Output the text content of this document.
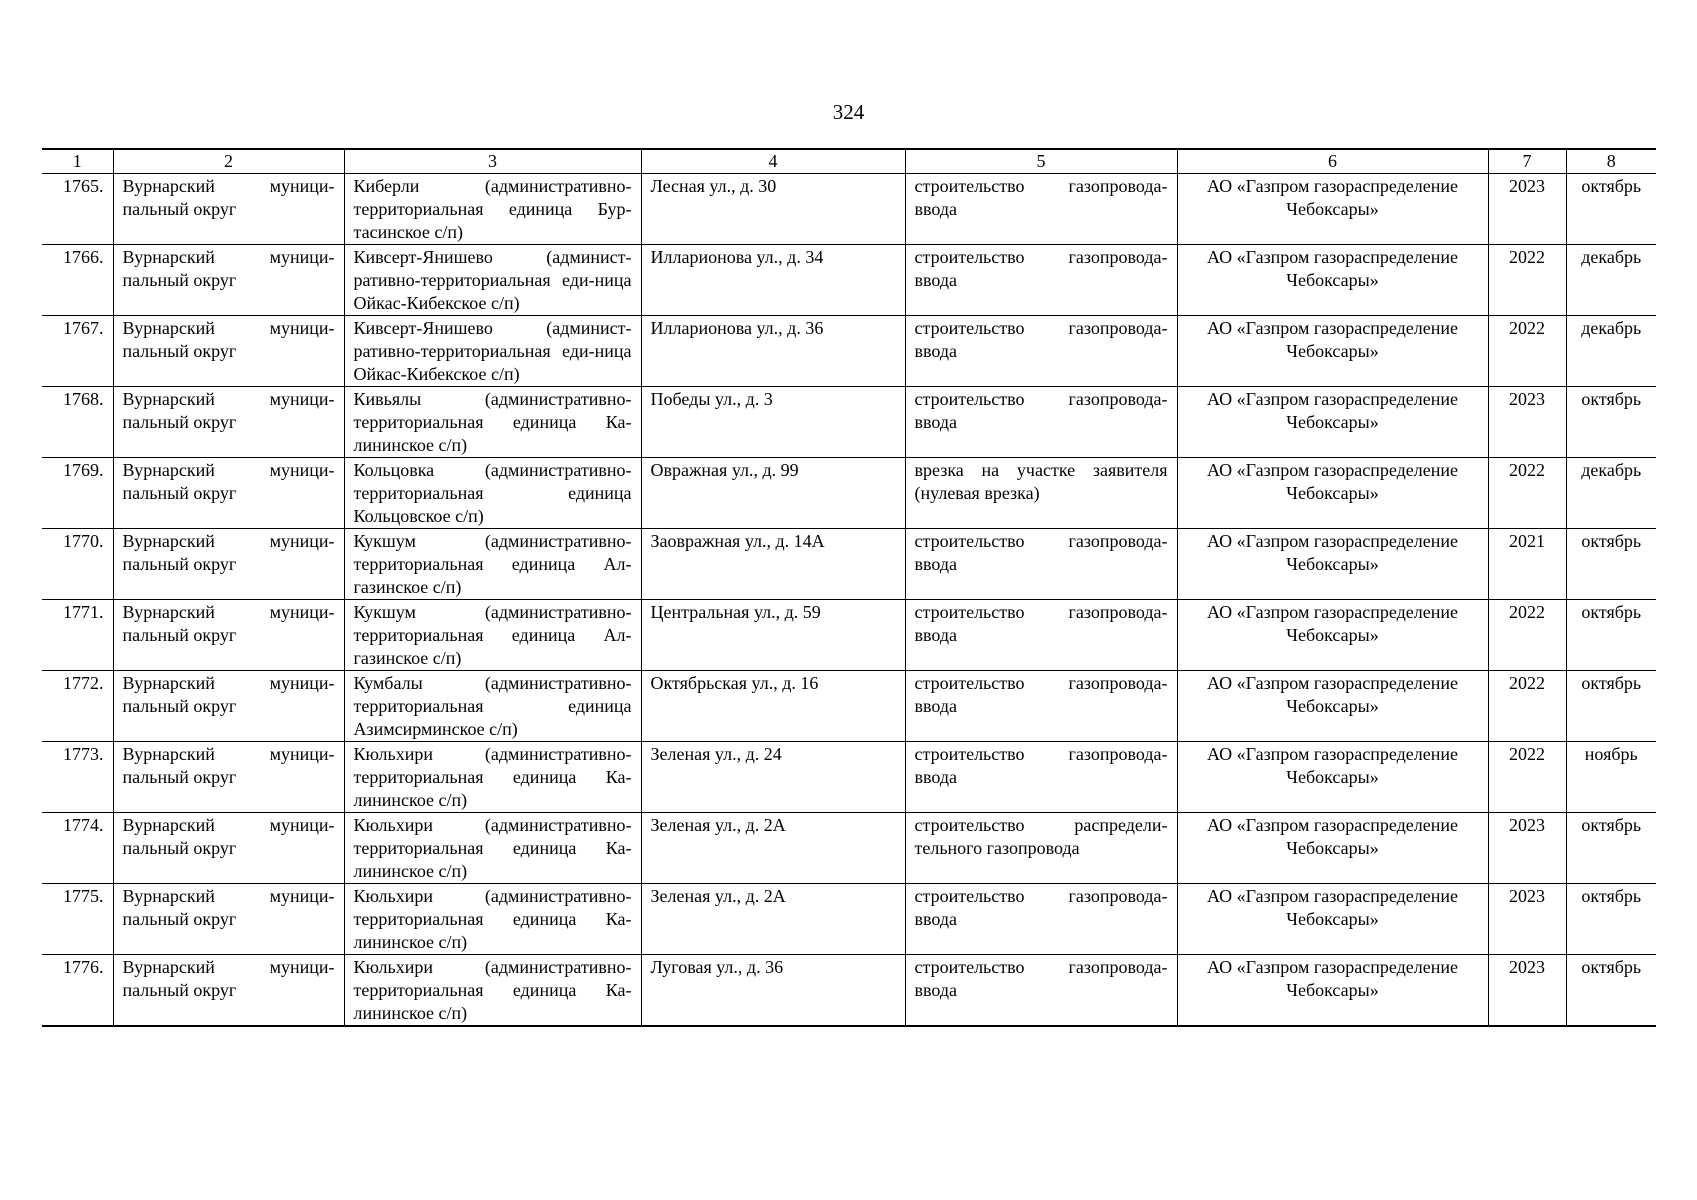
324
1	2	3	4	5	6	7	8
1765.	Вурнарский муници-пальный округ	Киберли (административно-территориальная единица Бур-тасинское с/п)	Лесная ул., д. 30	строительство газопровода-ввода	АО «Газпром газораспределение Чебоксары»	2023	октябрь
1766.	Вурнарский муници-пальный округ	Кивсерт-Янишево (админист-ративно-территориальная еди-ница Ойкас-Кибекское с/п)	Илларионова ул., д. 34	строительство газопровода-ввода	АО «Газпром газораспределение Чебоксары»	2022	декабрь
1767.	Вурнарский муници-пальный округ	Кивсерт-Янишево (админист-ративно-территориальная еди-ница Ойкас-Кибекское с/п)	Илларионова ул., д. 36	строительство газопровода-ввода	АО «Газпром газораспределение Чебоксары»	2022	декабрь
1768.	Вурнарский муници-пальный округ	Кивьялы (административно-территориальная единица Ка-лининское с/п)	Победы ул., д. 3	строительство газопровода-ввода	АО «Газпром газораспределение Чебоксары»	2023	октябрь
1769.	Вурнарский муници-пальный округ	Кольцовка (административно-территориальная единица Кольцовское с/п)	Овражная ул., д. 99	врезка на участке заявителя (нулевая врезка)	АО «Газпром газораспределение Чебоксары»	2022	декабрь
1770.	Вурнарский муници-пальный округ	Кукшум (административно-территориальная единица Ал-газинское с/п)	Заовражная ул., д. 14А	строительство газопровода-ввода	АО «Газпром газораспределение Чебоксары»	2021	октябрь
1771.	Вурнарский муници-пальный округ	Кукшум (административно-территориальная единица Ал-газинское с/п)	Центральная ул., д. 59	строительство газопровода-ввода	АО «Газпром газораспределение Чебоксары»	2022	октябрь
1772.	Вурнарский муници-пальный округ	Кумбалы (административно-территориальная единица Азимсирминское с/п)	Октябрьская ул., д. 16	строительство газопровода-ввода	АО «Газпром газораспределение Чебоксары»	2022	октябрь
1773.	Вурнарский муници-пальный округ	Кюльхири (административно-территориальная единица Ка-лининское с/п)	Зеленая ул., д. 24	строительство газопровода-ввода	АО «Газпром газораспределение Чебоксары»	2022	ноябрь
1774.	Вурнарский муници-пальный округ	Кюльхири (административно-территориальная единица Ка-лининское с/п)	Зеленая ул., д. 2А	строительство распредели-тельного газопровода	АО «Газпром газораспределение Чебоксары»	2023	октябрь
1775.	Вурнарский муници-пальный округ	Кюльхири (административно-территориальная единица Ка-лининское с/п)	Зеленая ул., д. 2А	строительство газопровода-ввода	АО «Газпром газораспределение Чебоксары»	2023	октябрь
1776.	Вурнарский муници-пальный округ	Кюльхири (административно-территориальная единица Ка-лининское с/п)	Луговая ул., д. 36	строительство газопровода-ввода	АО «Газпром газораспределение Чебоксары»	2023	октябрь
